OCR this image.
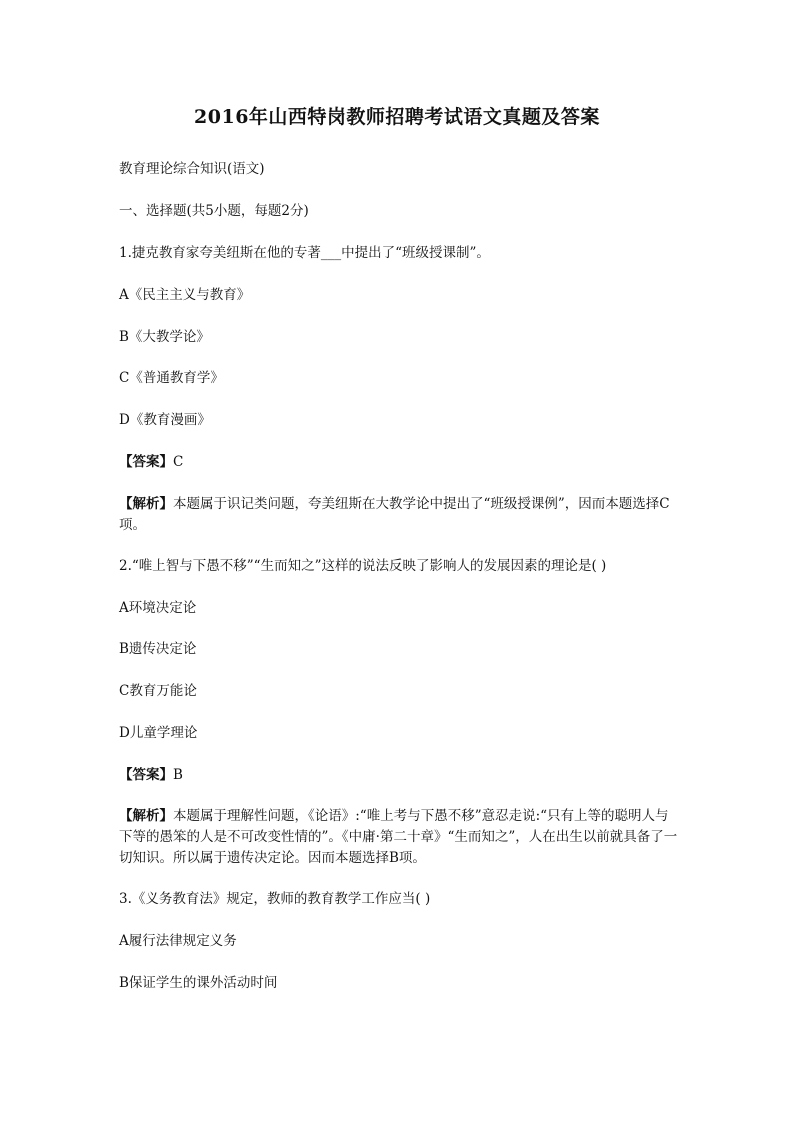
2016年山西特岗教师招聘考试语文真题及答案

教育理论综合知识(语文)

一、选择题(共5小题，每题2分)

1.捷克教育家夸美纽斯在他的专著___中提出了“班级授课制”。

A《民主主义与教育》

B《大教学论》

C《普通教育学》

D《教育漫画》

【答案】C

【解析】本题属于识记类问题，夸美纽斯在大教学论中提出了“班级授课例”，因而本题选择C项。

2.“唯上智与下愚不移”“生而知之”这样的说法反映了影响人的发展因素的理论是( )

A环境决定论

B遗传决定论

C教育万能论

D儿童学理论

【答案】B

【解析】本题属于理解性问题，《论语》:“唯上考与下愚不移”意忍走说:“只有上等的聪明人与下等的愚笨的人是不可改变性情的”。《中庸·第二十章》“生而知之”，人在出生以前就具备了一切知识。所以属于遗传决定论。因而本题选择B项。

3.《义务教育法》规定，教师的教育教学工作应当( )

A履行法律规定义务

B保证学生的课外活动时间
